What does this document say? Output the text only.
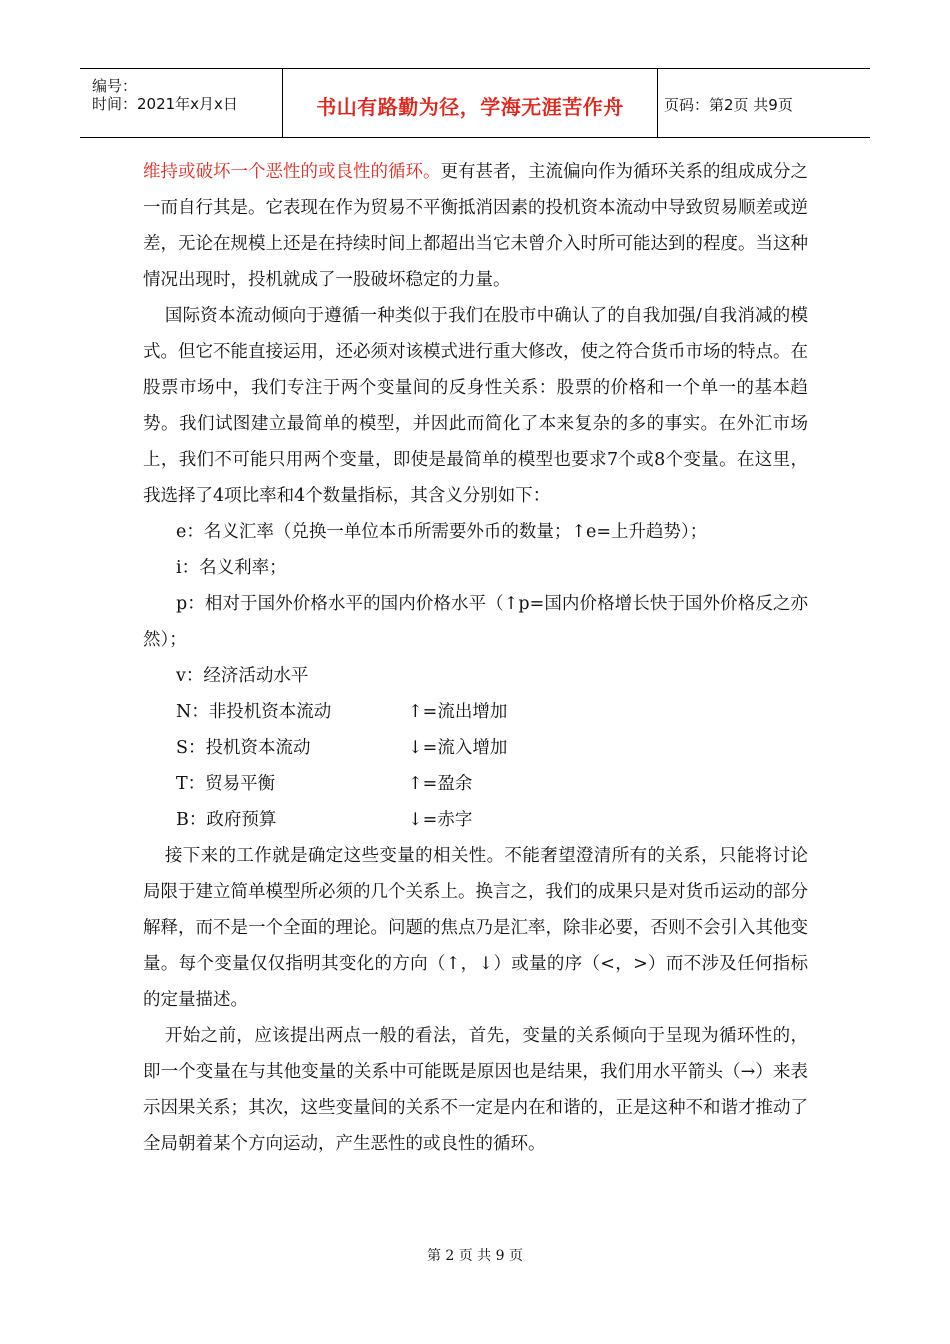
编号：
时间：2021年x月x日	书山有路勤为径，学海无涯苦作舟	页码：第2页 共9页

维持或破坏一个恶性的或良性的循环。更有甚者，主流偏向作为循环关系的组成成分之一而自行其是。它表现在作为贸易不平衡抵消因素的投机资本流动中导致贸易顺差或逆差，无论在规模上还是在持续时间上都超出当它未曾介入时所可能达到的程度。当这种情况出现时，投机就成了一股破坏稳定的力量。

国际资本流动倾向于遵循一种类似于我们在股市中确认了的自我加强/自我消减的模式。但它不能直接运用，还必须对该模式进行重大修改，使之符合货币市场的特点。在股票市场中，我们专注于两个变量间的反身性关系：股票的价格和一个单一的基本趋势。我们试图建立最简单的模型，并因此而简化了本来复杂的多的事实。在外汇市场上，我们不可能只用两个变量，即使是最简单的模型也要求7个或8个变量。在这里，我选择了4项比率和4个数量指标，其含义分别如下：

e：名义汇率（兑换一单位本币所需要外币的数量；↑e=上升趋势）；

i：名义利率；

p：相对于国外价格水平的国内价格水平（↑p=国内价格增长快于国外价格反之亦然）；

v：经济活动水平

N：非投机资本流动	↑=流出增加
S：投机资本流动	↓=流入增加
T：贸易平衡	↑=盈余
B：政府预算	↓=赤字

接下来的工作就是确定这些变量的相关性。不能奢望澄清所有的关系，只能将讨论局限于建立简单模型所必须的几个关系上。换言之，我们的成果只是对货币运动的部分解释，而不是一个全面的理论。问题的焦点乃是汇率，除非必要，否则不会引入其他变量。每个变量仅仅指明其变化的方向（↑，↓）或量的序（<，>）而不涉及任何指标的定量描述。

开始之前，应该提出两点一般的看法，首先，变量的关系倾向于呈现为循环性的，即一个变量在与其他变量的关系中可能既是原因也是结果，我们用水平箭头（→）来表示因果关系；其次，这些变量间的关系不一定是内在和谐的，正是这种不和谐才推动了全局朝着某个方向运动，产生恶性的或良性的循环。

第 2 页 共 9 页
